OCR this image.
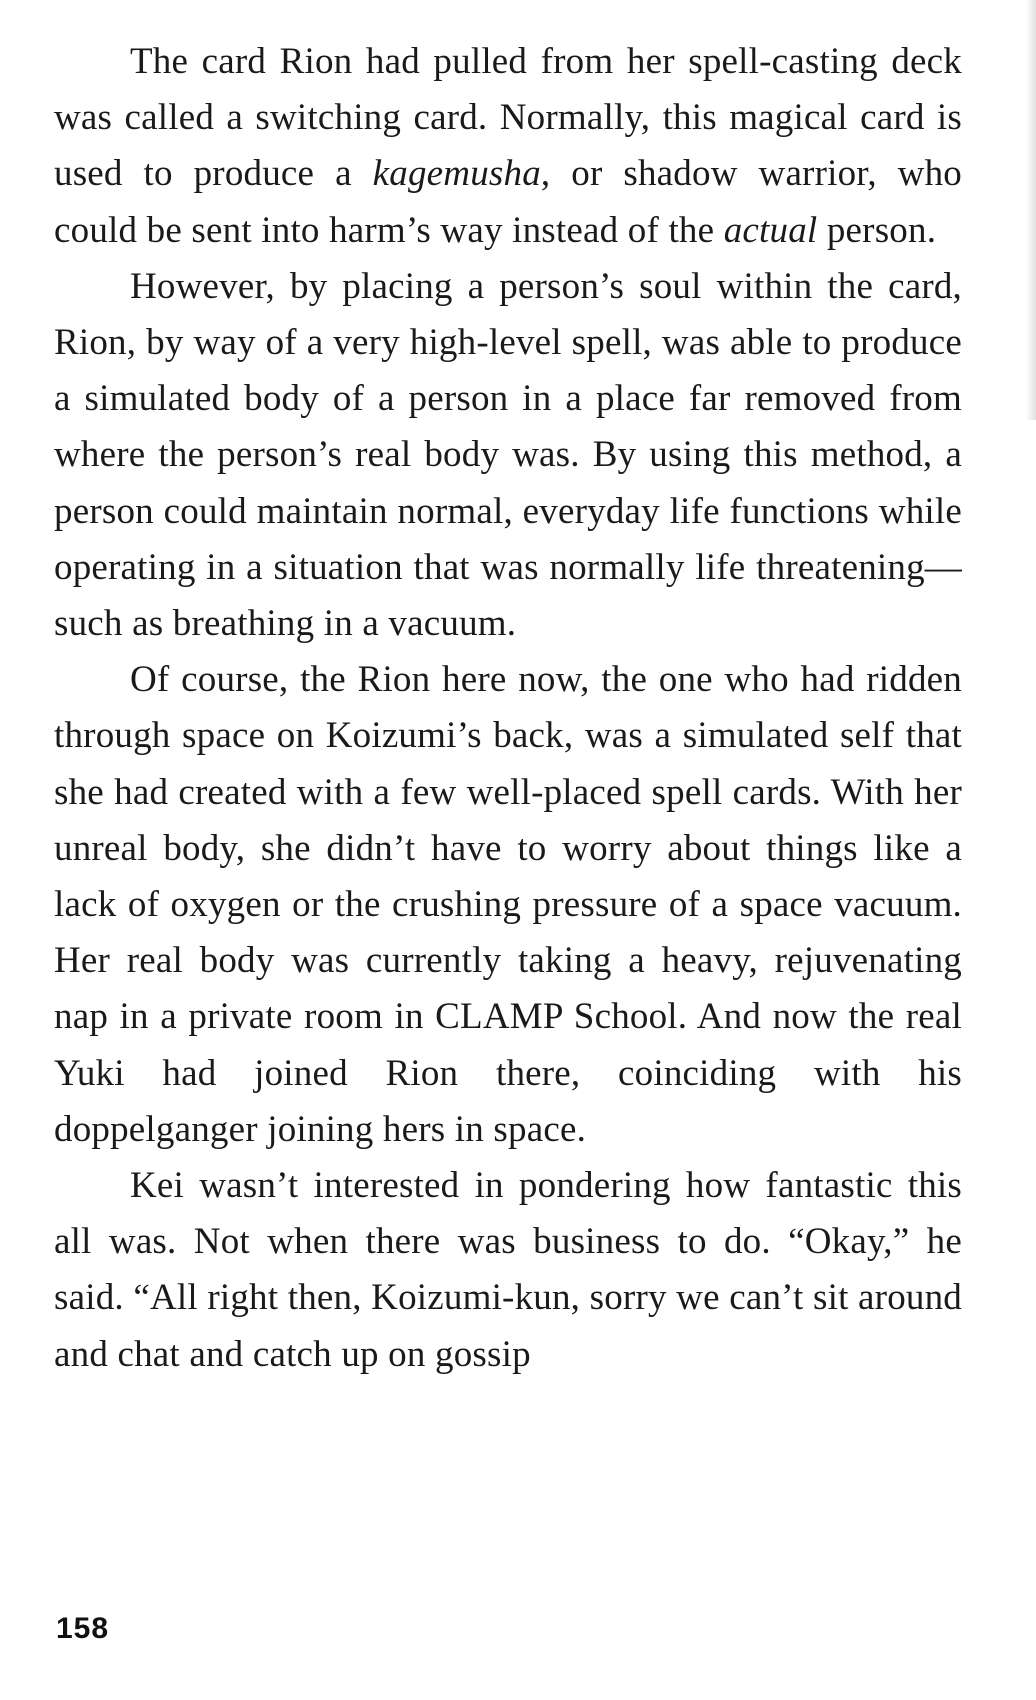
The card Rion had pulled from her spell-casting deck was called a switching card. Normally, this magical card is used to produce a kagemusha, or shadow warrior, who could be sent into harm’s way instead of the actual person.

However, by placing a person’s soul within the card, Rion, by way of a very high-level spell, was able to produce a simulated body of a person in a place far removed from where the person’s real body was. By using this method, a person could maintain normal, everyday life functions while operating in a situation that was normally life threatening—such as breathing in a vacuum.

Of course, the Rion here now, the one who had ridden through space on Koizumi’s back, was a simulated self that she had created with a few well-placed spell cards. With her unreal body, she didn’t have to worry about things like a lack of oxygen or the crushing pressure of a space vacuum. Her real body was currently taking a heavy, rejuvenating nap in a private room in CLAMP School. And now the real Yuki had joined Rion there, coinciding with his doppelganger joining hers in space.

Kei wasn’t interested in pondering how fantastic this all was. Not when there was business to do. “Okay,” he said. “All right then, Koizumi-kun, sorry we can’t sit around and chat and catch up on gossip

158
